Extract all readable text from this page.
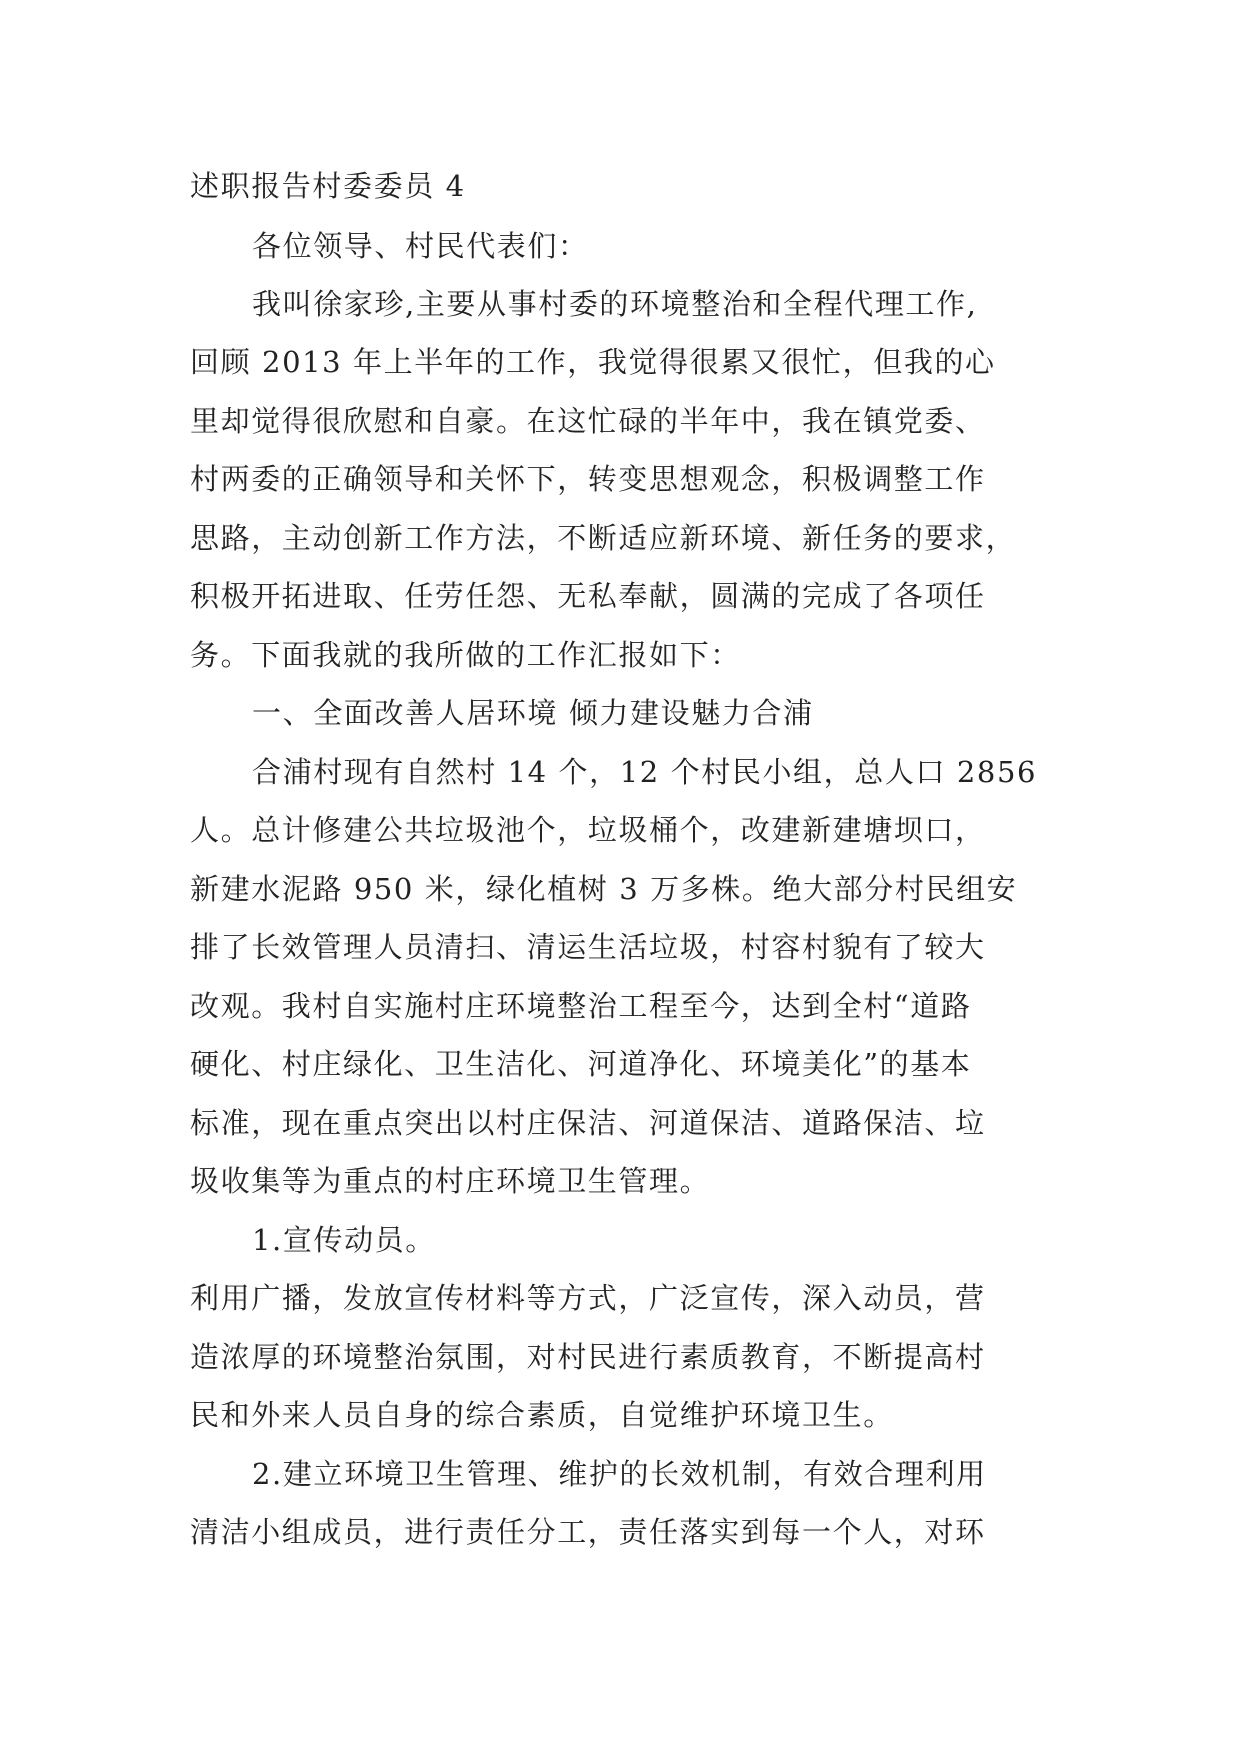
述职报告村委委员 4
各位领导、村民代表们：
我叫徐家珍,主要从事村委的环境整治和全程代理工作,
回顾 2013 年上半年的工作，我觉得很累又很忙，但我的心
里却觉得很欣慰和自豪。在这忙碌的半年中，我在镇党委、
村两委的正确领导和关怀下，转变思想观念，积极调整工作
思路，主动创新工作方法，不断适应新环境、新任务的要求，
积极开拓进取、任劳任怨、无私奉献，圆满的完成了各项任
务。下面我就的我所做的工作汇报如下：
一、全面改善人居环境 倾力建设魅力合浦
合浦村现有自然村 14 个，12 个村民小组，总人口 2856
人。总计修建公共垃圾池个，垃圾桶个，改建新建塘坝口，
新建水泥路 950 米，绿化植树 3 万多株。绝大部分村民组安
排了长效管理人员清扫、清运生活垃圾，村容村貌有了较大
改观。我村自实施村庄环境整治工程至今，达到全村“道路
硬化、村庄绿化、卫生洁化、河道净化、环境美化”的基本
标准，现在重点突出以村庄保洁、河道保洁、道路保洁、垃
圾收集等为重点的村庄环境卫生管理。
1.宣传动员。
利用广播，发放宣传材料等方式，广泛宣传，深入动员，营
造浓厚的环境整治氛围，对村民进行素质教育，不断提高村
民和外来人员自身的综合素质，自觉维护环境卫生。
2.建立环境卫生管理、维护的长效机制，有效合理利用
清洁小组成员，进行责任分工，责任落实到每一个人，对环
